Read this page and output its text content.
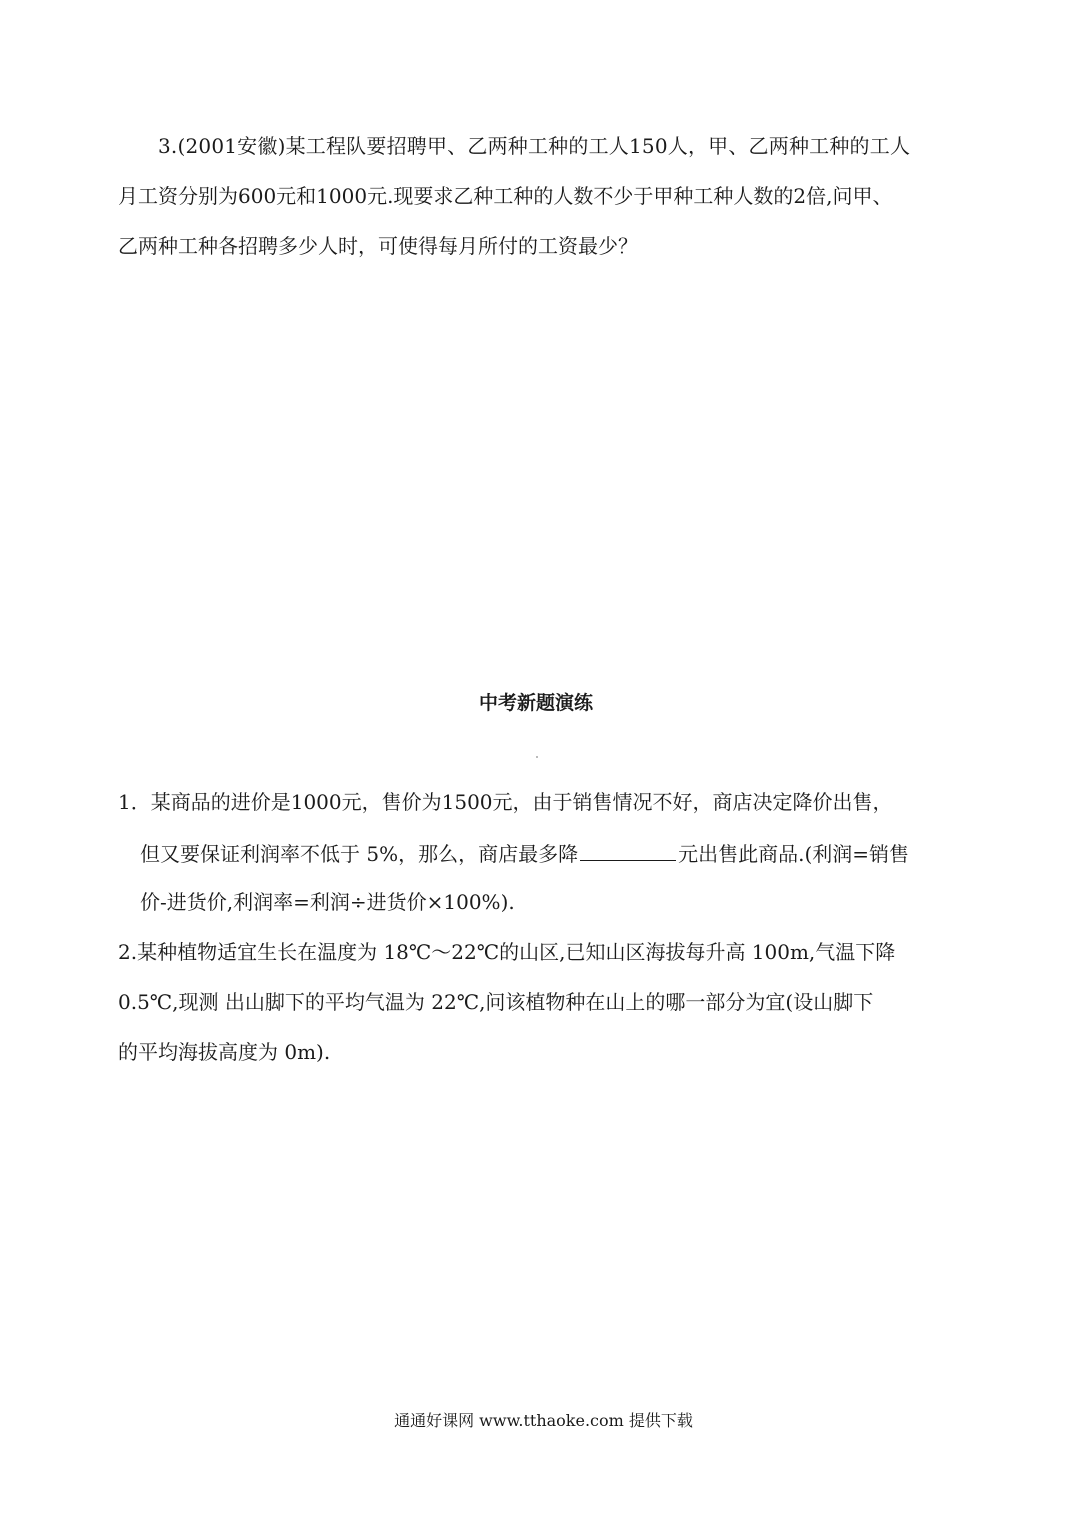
3.(2001安徽)某工程队要招聘甲、乙两种工种的工人150人，甲、乙两种工种的工人
月工资分别为600元和1000元.现要求乙种工种的人数不少于甲种工种人数的2倍,问甲、
乙两种工种各招聘多少人时，可使得每月所付的工资最少？
中考新题演练
1．某商品的进价是1000元，售价为1500元，由于销售情况不好，商店决定降价出售，
但又要保证利润率不低于 5%，那么，商店最多降	元出售此商品.(利润=销售
价-进货价,利润率=利润÷进货价×100%).
2.某种植物适宜生长在温度为 18℃～22℃的山区,已知山区海拔每升高 100m,气温下降
0.5℃,现测 出山脚下的平均气温为 22℃,问该植物种在山上的哪一部分为宜(设山脚下
的平均海拔高度为 0m).
通通好课网 www.tthaoke.com 提供下载
